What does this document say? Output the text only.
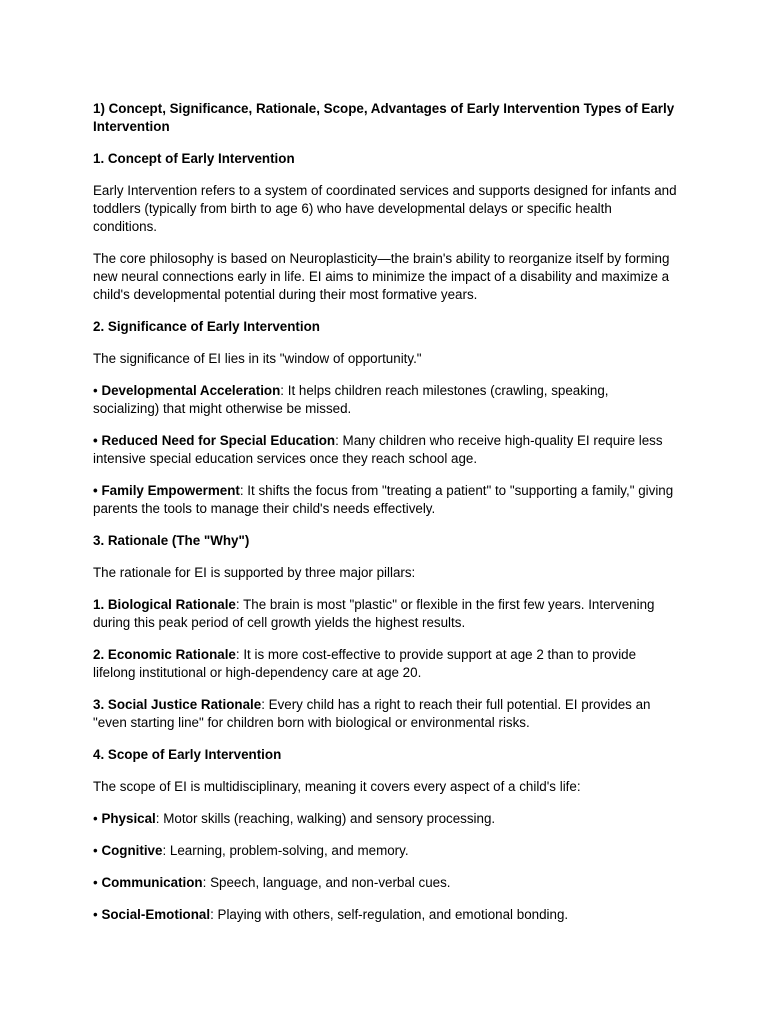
1) Concept, Significance, Rationale, Scope, Advantages of Early Intervention Types of Early Intervention

1. Concept of Early Intervention

Early Intervention refers to a system of coordinated services and supports designed for infants and toddlers (typically from birth to age 6) who have developmental delays or specific health conditions.

The core philosophy is based on Neuroplasticity—the brain's ability to reorganize itself by forming new neural connections early in life. EI aims to minimize the impact of a disability and maximize a child's developmental potential during their most formative years.

2. Significance of Early Intervention

The significance of EI lies in its "window of opportunity."

• Developmental Acceleration: It helps children reach milestones (crawling, speaking, socializing) that might otherwise be missed.

• Reduced Need for Special Education: Many children who receive high-quality EI require less intensive special education services once they reach school age.

• Family Empowerment: It shifts the focus from "treating a patient" to "supporting a family," giving parents the tools to manage their child's needs effectively.

3. Rationale (The "Why")

The rationale for EI is supported by three major pillars:

1. Biological Rationale: The brain is most "plastic" or flexible in the first few years. Intervening during this peak period of cell growth yields the highest results.

2. Economic Rationale: It is more cost-effective to provide support at age 2 than to provide lifelong institutional or high-dependency care at age 20.

3. Social Justice Rationale: Every child has a right to reach their full potential. EI provides an "even starting line" for children born with biological or environmental risks.

4. Scope of Early Intervention

The scope of EI is multidisciplinary, meaning it covers every aspect of a child's life:

• Physical: Motor skills (reaching, walking) and sensory processing.

• Cognitive: Learning, problem-solving, and memory.

• Communication: Speech, language, and non-verbal cues.

• Social-Emotional: Playing with others, self-regulation, and emotional bonding.
